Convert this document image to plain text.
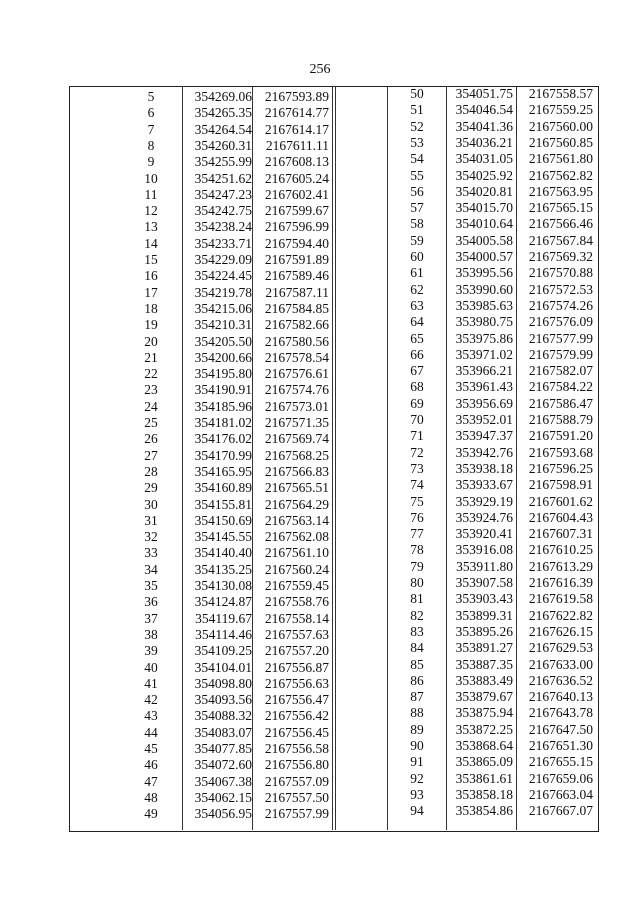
256
5	354269.06 2167593.89
6	354265.35 2167614.77
7	354264.54 2167614.17
8	354260.31	2167611.11
9	354255.99 2167608.13
10	354251.62 2167605.24
11	354247.23 2167602.41
12	354242.75 2167599.67
13	354238.24 2167596.99
14	354233.71 2167594.40
15	354229.09 2167591.89
16	354224.45 2167589.46
17	354219.78 2167587.11
18	354215.06 2167584.85
19	354210.31 2167582.66
20	354205.50 2167580.56
21	354200.66 2167578.54
22	354195.80 2167576.61
23	354190.91 2167574.76
24	354185.96 2167573.01
25	354181.02 2167571.35
26	354176.02 2167569.74
27	354170.99 2167568.25
28	354165.95 2167566.83
29	354160.89 2167565.51
30	354155.81 2167564.29
31	354150.69 2167563.14
32	354145.55 2167562.08
33	354140.40 2167561.10
34	354135.25 2167560.24
35	354130.08 2167559.45
36	354124.87 2167558.76
37	354119.67 2167558.14
38	354114.46 2167557.63
39	354109.25 2167557.20
40	354104.01 2167556.87
41	354098.80 2167556.63
42	354093.56 2167556.47
43	354088.32 2167556.42
44	354083.07 2167556.45
45	354077.85 2167556.58
46	354072.60 2167556.80
47	354067.38 2167557.09
48	354062.15 2167557.50
49	354056.95 2167557.99
50	354051.75	2167558.57
51	354046.54	2167559.25
52	354041.36	2167560.00
53	354036.21	2167560.85
54	354031.05	2167561.80
55	354025.92	2167562.82
56	354020.81	2167563.95
57	354015.70	2167565.15
58	354010.64	2167566.46
59	354005.58	2167567.84
60	354000.57	2167569.32
61	353995.56	2167570.88
62	353990.60	2167572.53
63	353985.63	2167574.26
64	353980.75	2167576.09
65	353975.86	2167577.99
66	353971.02	2167579.99
67	353966.21	2167582.07
68	353961.43	2167584.22
69	353956.69	2167586.47
70	353952.01	2167588.79
71	353947.37	2167591.20
72	353942.76	2167593.68
73	353938.18	2167596.25
74	353933.67	2167598.91
75	353929.19	2167601.62
76	353924.76	2167604.43
77	353920.41	2167607.31
78	353916.08	2167610.25
79	353911.80	2167613.29
80	353907.58	2167616.39
81	353903.43	2167619.58
82	353899.31	2167622.82
83	353895.26	2167626.15
84	353891.27	2167629.53
85	353887.35	2167633.00
86	353883.49	2167636.52
87	353879.67	2167640.13
88	353875.94	2167643.78
89	353872.25	2167647.50
90	353868.64	2167651.30
91	353865.09	2167655.15
92	353861.61	2167659.06
93	353858.18	2167663.04
94	353854.86	2167667.07
